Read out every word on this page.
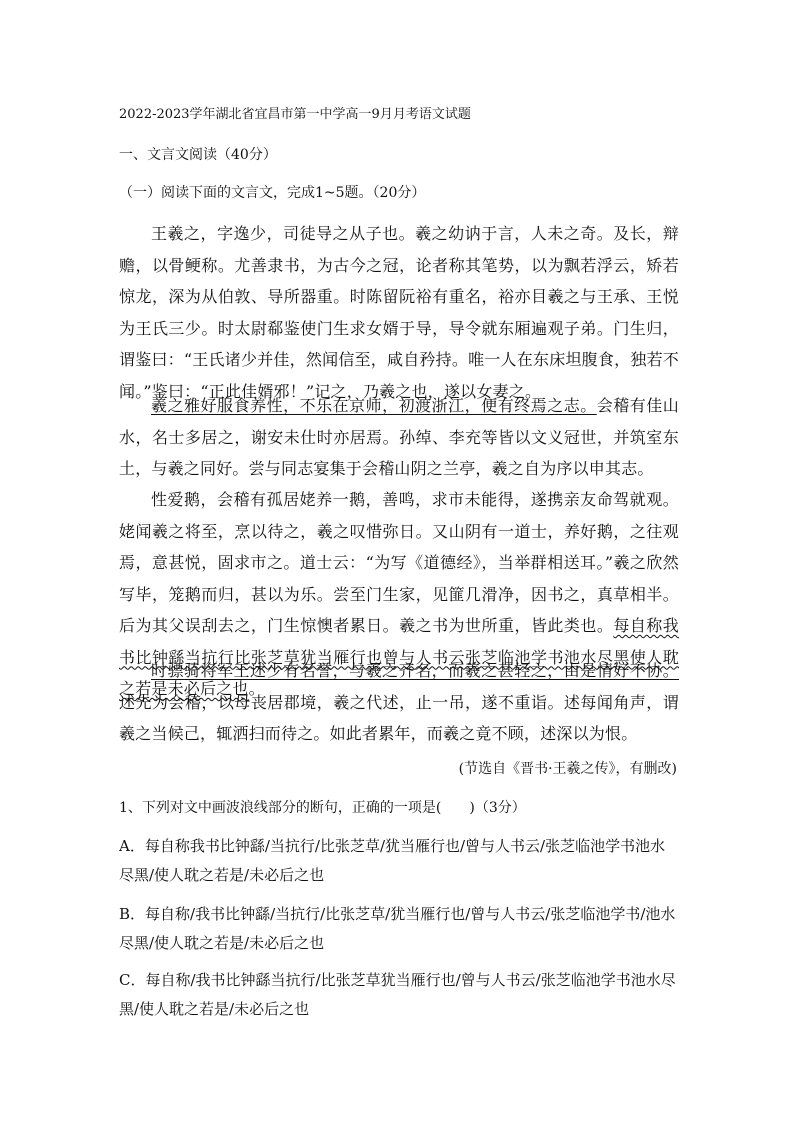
2022-2023学年湖北省宜昌市第一中学高一9月月考语文试题
一、文言文阅读（40分）
（一）阅读下面的文言文，完成1~5题。（20分）
王羲之，字逸少，司徒导之从子也。羲之幼讷于言，人未之奇。及长，辩赡，以骨鲠称。尤善隶书，为古今之冠，论者称其笔势，以为飘若浮云，矫若惊龙，深为从伯敦、导所器重。时陈留阮裕有重名，裕亦目羲之与王承、王悦为王氏三少。时太尉郗鉴使门生求女婿于导，导令就东厢遍观子弟。门生归，谓鉴曰：“王氏诸少并佳，然闻信至，咸自矜持。唯一人在东床坦腹食，独若不闻。”鉴曰：“正此佳婿邪！”记之，乃羲之也，遂以女妻之。
羲之雅好服食养性，不乐在京师，初渡浙江，便有终焉之志。会稽有佳山水，名士多居之，谢安未仕时亦居焉。孙绰、李充等皆以文义冠世，并筑室东土，与羲之同好。尝与同志宴集于会稽山阴之兰亭，羲之自为序以申其志。
性爱鹅，会稽有孤居姥养一鹅，善鸣，求市未能得，遂携亲友命驾就观。姥闻羲之将至，烹以待之，羲之叹惜弥日。又山阴有一道士，养好鹅，之往观焉，意甚悦，固求市之。道士云：“为写《道德经》，当举群相送耳。”羲之欣然写毕，笼鹅而归，甚以为乐。尝至门生家，见篚几滑净，因书之，真草相半。后为其父误刮去之，门生惊懊者累日。羲之书为世所重，皆此类也。每自称我书比钟繇当抗行比张芝草犹当雁行也曾与人书云张芝临池学书池水尽黑使人耽之若是未必后之也。
时骠骑将军王述少有名誉，与羲之齐名，而羲之甚轻之，由是情好不协。述先为会稽，以母丧居郡境，羲之代述，止一吊，遂不重诣。述每闻角声，谓羲之当候己，辄洒扫而待之。如此者累年，而羲之竟不顾，述深以为恨。
(节选自《晋书·王羲之传》，有删改)
1、下列对文中画波浪线部分的断句，正确的一项是(　　)（3分）
A．每自称我书比钟繇/当抗行/比张芝草/犹当雁行也/曾与人书云/张芝临池学书池水尽黑/使人耽之若是/未必后之也
B．每自称/我书比钟繇/当抗行/比张芝草/犹当雁行也/曾与人书云/张芝临池学书/池水尽黑/使人耽之若是/未必后之也
C．每自称/我书比钟繇当抗行/比张芝草犹当雁行也/曾与人书云/张芝临池学书池水尽黑/使人耽之若是/未必后之也
